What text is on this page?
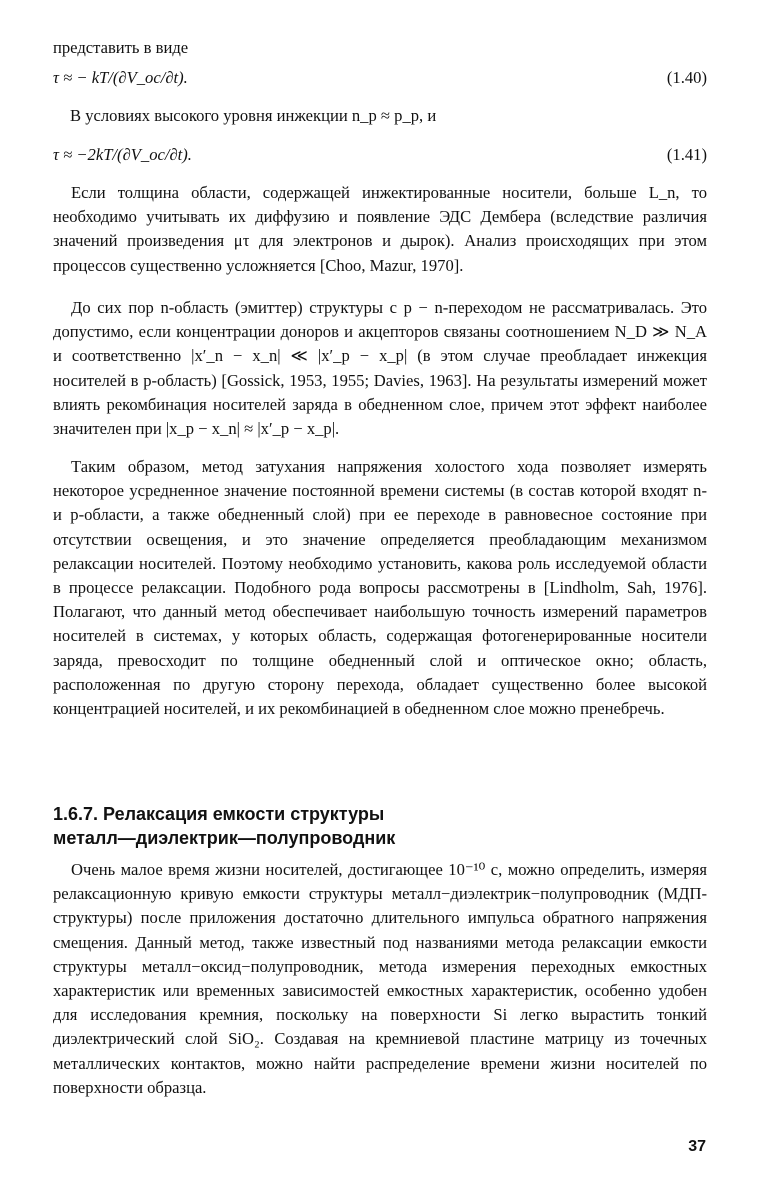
представить в виде
τ ≈ − kT/(∂V_oc/∂t).	(1.40)
В условиях высокого уровня инжекции n_p ≈ p_p, и
τ ≈ −2kT/(∂V_oc/∂t).	(1.41)

Если толщина области, содержащей инжектированные носители, больше L_n, то необходимо учитывать их диффузию и появление ЭДС Дембера (вследствие различия значений произведения μτ для электронов и дырок). Анализ происходящих при этом процессов существенно усложняется [Choo, Mazur, 1970].

До сих пор n-область (эмиттер) структуры с p − n-переходом не рассматривалась. Это допустимо, если концентрации доноров и акцепторов связаны соотношением N_D ≫ N_A и соответственно |x′_n − x_n| ≪ |x′_p − x_p| (в этом случае преобладает инжекция носителей в p-область) [Gossick, 1953, 1955; Davies, 1963]. На результаты измерений может влиять рекомбинация носителей заряда в обедненном слое, причем этот эффект наиболее значителен при |x_p − x_n| ≈ |x′_p − x_p|.

Таким образом, метод затухания напряжения холостого хода позволяет измерять некоторое усредненное значение постоянной времени системы (в состав которой входят n- и p-области, а также обедненный слой) при ее переходе в равновесное состояние при отсутствии освещения, и это значение определяется преобладающим механизмом релаксации носителей. Поэтому необходимо установить, какова роль исследуемой области в процессе релаксации. Подобного рода вопросы рассмотрены в [Lindholm, Sah, 1976]. Полагают, что данный метод обеспечивает наибольшую точность измерений параметров носителей в системах, у которых область, содержащая фотогенерированные носители заряда, превосходит по толщине обедненный слой и оптическое окно; область, расположенная по другую сторону перехода, обладает существенно более высокой концентрацией носителей, и их рекомбинацией в обедненном слое можно пренебречь.

1.6.7. Релаксация емкости структуры
металл—диэлектрик—полупроводник

Очень малое время жизни носителей, достигающее 10⁻¹⁰ с, можно определить, измеряя релаксационную кривую емкости структуры металл−диэлектрик−полупроводник (МДП-структуры) после приложения достаточно длительного импульса обратного напряжения смещения. Данный метод, также известный под названиями метода релаксации емкости структуры металл−оксид−полупроводник, метода измерения переходных емкостных характеристик или временных зависимостей емкостных характеристик, особенно удобен для исследования кремния, поскольку на поверхности Si легко вырастить тонкий диэлектрический слой SiO₂. Создавая на кремниевой пластине матрицу из точечных металлических контактов, можно найти распределение времени жизни носителей по поверхности образца.

37
